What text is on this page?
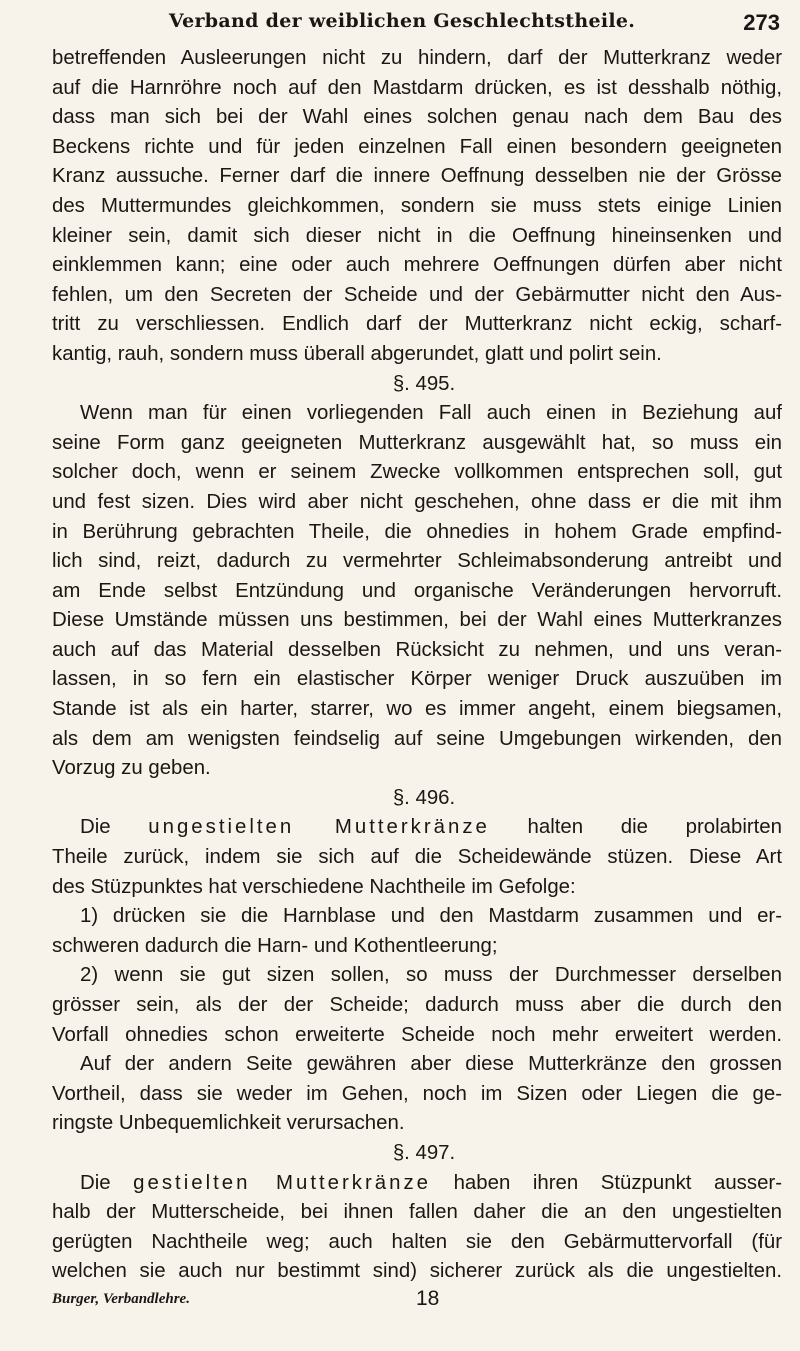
Verband der weiblichen Geschlechtstheile.	273
betreffenden Ausleerungen nicht zu hindern, darf der Mutterkranz weder
auf die Harnröhre noch auf den Mastdarm drücken, es ist desshalb nöthig,
dass man sich bei der Wahl eines solchen genau nach dem Bau des
Beckens richte und für jeden einzelnen Fall einen besondern geeigneten
Kranz aussuche. Ferner darf die innere Oeffnung desselben nie der Grösse
des Muttermundes gleichkommen, sondern sie muss stets einige Linien
kleiner sein, damit sich dieser nicht in die Oeffnung hineinsenken und
einklemmen kann; eine oder auch mehrere Oeffnungen dürfen aber nicht
fehlen, um den Secreten der Scheide und der Gebärmutter nicht den Aus-
tritt zu verschliessen. Endlich darf der Mutterkranz nicht eckig, scharf-
kantig, rauh, sondern muss überall abgerundet, glatt und polirt sein.
§. 495.
Wenn man für einen vorliegenden Fall auch einen in Beziehung auf
seine Form ganz geeigneten Mutterkranz ausgewählt hat, so muss ein
solcher doch, wenn er seinem Zwecke vollkommen entsprechen soll, gut
und fest sizen. Dies wird aber nicht geschehen, ohne dass er die mit ihm
in Berührung gebrachten Theile, die ohnedies in hohem Grade empfind-
lich sind, reizt, dadurch zu vermehrter Schleimabsonderung antreibt und
am Ende selbst Entzündung und organische Veränderungen hervorruft.
Diese Umstände müssen uns bestimmen, bei der Wahl eines Mutterkranzes
auch auf das Material desselben Rücksicht zu nehmen, und uns veran-
lassen, in so fern ein elastischer Körper weniger Druck auszuüben im
Stande ist als ein harter, starrer, wo es immer angeht, einem biegsamen,
als dem am wenigsten feindselig auf seine Umgebungen wirkenden, den
Vorzug zu geben.
§. 496.
Die ungestielten Mutterkränze halten die prolabirten
Theile zurück, indem sie sich auf die Scheidewände stüzen. Diese Art
des Stüzpunktes hat verschiedene Nachtheile im Gefolge:
1) drücken sie die Harnblase und den Mastdarm zusammen und er-
schweren dadurch die Harn- und Kothentleerung;
2) wenn sie gut sizen sollen, so muss der Durchmesser derselben
grösser sein, als der der Scheide; dadurch muss aber die durch den
Vorfall ohnedies schon erweiterte Scheide noch mehr erweitert werden.
Auf der andern Seite gewähren aber diese Mutterkränze den grossen
Vortheil, dass sie weder im Gehen, noch im Sizen oder Liegen die ge-
ringste Unbequemlichkeit verursachen.
§. 497.
Die gestielten Mutterkränze haben ihren Stüzpunkt ausser-
halb der Mutterscheide, bei ihnen fallen daher die an den ungestielten
gerügten Nachtheile weg; auch halten sie den Gebärmuttervorfall (für
welchen sie auch nur bestimmt sind) sicherer zurück als die ungestielten.
Burger, Verbandlehre.	18
